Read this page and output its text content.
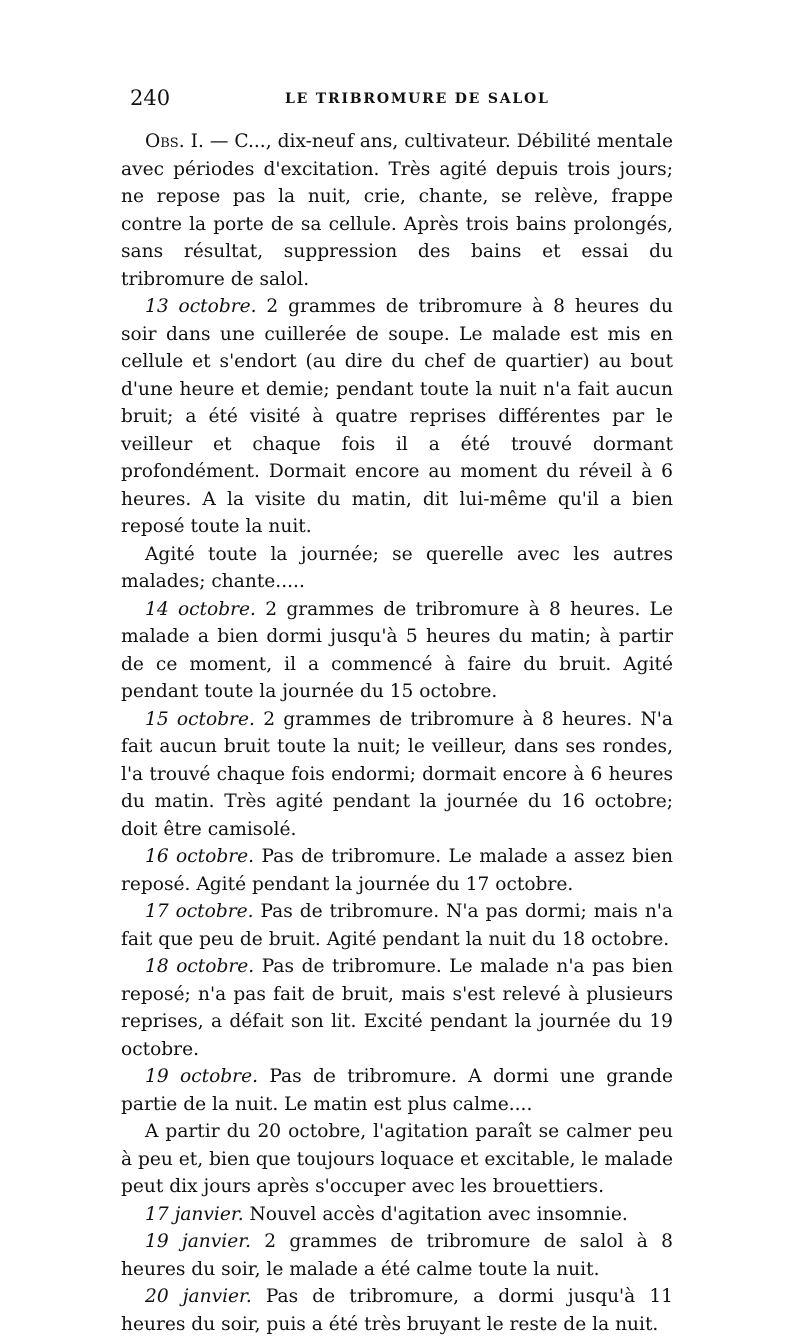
240	LE TRIBROMURE DE SALOL

Obs. I. — C..., dix-neuf ans, cultivateur. Débilité mentale avec périodes d'excitation. Très agité depuis trois jours; ne repose pas la nuit, crie, chante, se relève, frappe contre la porte de sa cellule. Après trois bains prolongés, sans résultat, suppression des bains et essai du tribromure de salol.

13 octobre. 2 grammes de tribromure à 8 heures du soir dans une cuillerée de soupe. Le malade est mis en cellule et s'endort (au dire du chef de quartier) au bout d'une heure et demie; pendant toute la nuit n'a fait aucun bruit; a été visité à quatre reprises différentes par le veilleur et chaque fois il a été trouvé dormant profondément. Dormait encore au moment du réveil à 6 heures. A la visite du matin, dit lui-même qu'il a bien reposé toute la nuit.

Agité toute la journée; se querelle avec les autres malades; chante.....

14 octobre. 2 grammes de tribromure à 8 heures. Le malade a bien dormi jusqu'à 5 heures du matin; à partir de ce moment, il a commencé à faire du bruit. Agité pendant toute la journée du 15 octobre.

15 octobre. 2 grammes de tribromure à 8 heures. N'a fait aucun bruit toute la nuit; le veilleur, dans ses rondes, l'a trouvé chaque fois endormi; dormait encore à 6 heures du matin. Très agité pendant la journée du 16 octobre; doit être camisolé.

16 octobre. Pas de tribromure. Le malade a assez bien reposé. Agité pendant la journée du 17 octobre.

17 octobre. Pas de tribromure. N'a pas dormi; mais n'a fait que peu de bruit. Agité pendant la nuit du 18 octobre.

18 octobre. Pas de tribromure. Le malade n'a pas bien reposé; n'a pas fait de bruit, mais s'est relevé à plusieurs reprises, a défait son lit. Excité pendant la journée du 19 octobre.

19 octobre. Pas de tribromure. A dormi une grande partie de la nuit. Le matin est plus calme....

A partir du 20 octobre, l'agitation paraît se calmer peu à peu et, bien que toujours loquace et excitable, le malade peut dix jours après s'occuper avec les brouettiers.

17 janvier. Nouvel accès d'agitation avec insomnie.

19 janvier. 2 grammes de tribromure de salol à 8 heures du soir, le malade a été calme toute la nuit.

20 janvier. Pas de tribromure, a dormi jusqu'à 11 heures du soir, puis a été très bruyant le reste de la nuit.
